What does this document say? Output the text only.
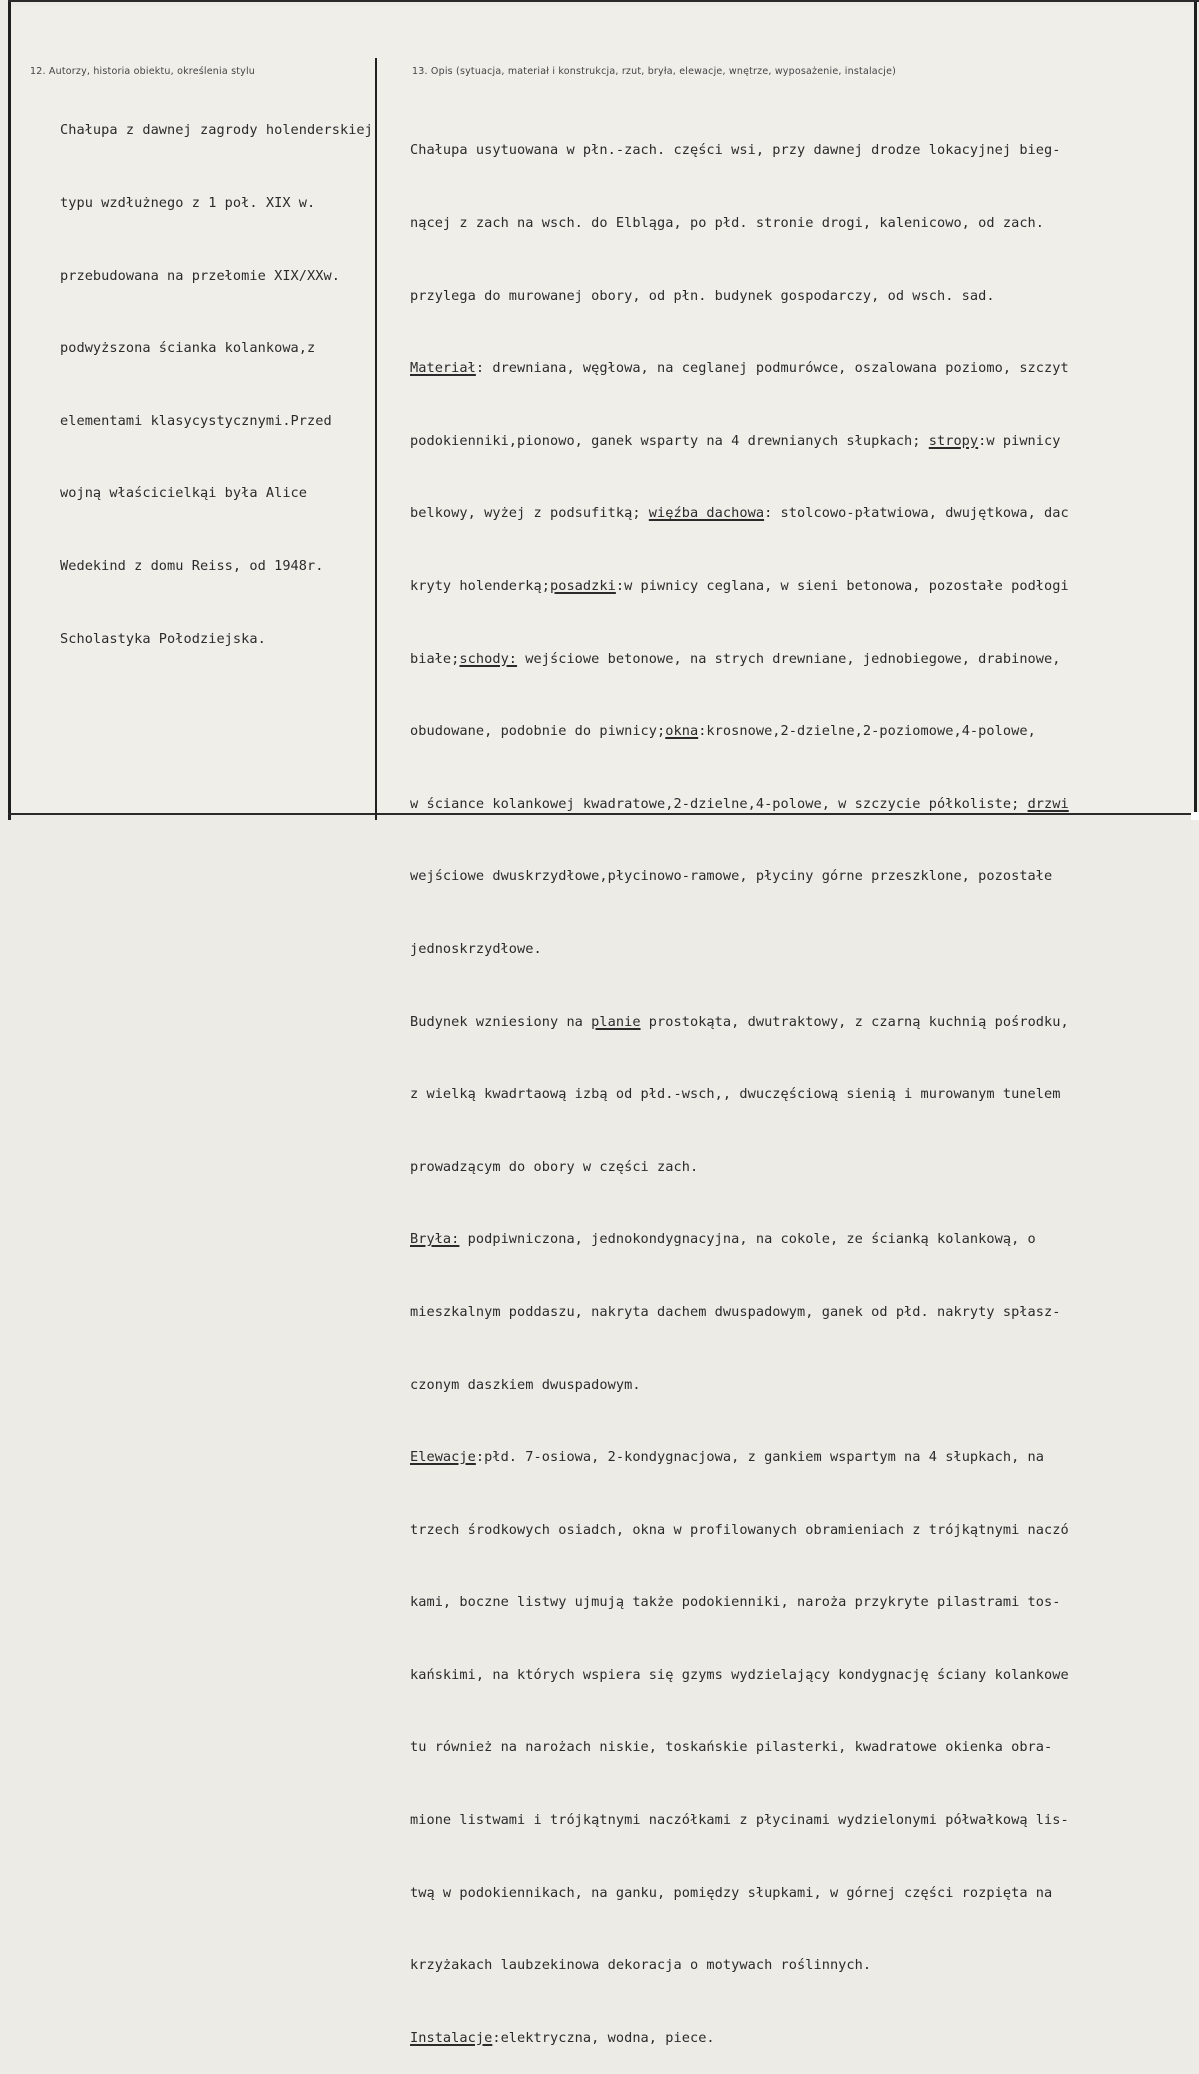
12. Autorzy, historia obiektu, określenia stylu	13. Opis (sytuacja, materiał i konstrukcja, rzut, bryła, elewacje, wnętrze, wyposażenie, instalacje)

Chałupa z dawnej zagrody holenderskiej

typu wzdłużnego z 1 poł. XIX w.

przebudowana na przełomie XIX/XXw.

podwyższona ścianka kolankowa,z

elementami klasycystycznymi.Przed

wojną właścicielkąi była Alice

Wedekind z domu Reiss, od 1948r.

Scholastyka Połodziejska.

Chałupa usytuowana w płn.-zach. części wsi, przy dawnej drodze lokacyjnej bieg-

nącej z zach na wsch. do Elbląga, po płd. stronie drogi, kalenicowo, od zach.

przylega do murowanej obory, od płn. budynek gospodarczy, od wsch. sad.

Materiał: drewniana, węgłowa, na ceglanej podmurówce, oszalowana poziomo, szczyt

podokienniki,pionowo, ganek wsparty na 4 drewnianych słupkach; stropy:w piwnicy

belkowy, wyżej z podsufitką; więźba dachowa: stolcowo-płatwiowa, dwujętkowa, dac

kryty holenderką;posadzki:w piwnicy ceglana, w sieni betonowa, pozostałe podłogi

białe;schody: wejściowe betonowe, na strych drewniane, jednobiegowe, drabinowe,

obudowane, podobnie do piwnicy;okna:krosnowe,2-dzielne,2-poziomowe,4-polowe,

w ściance kolankowej kwadratowe,2-dzielne,4-polowe, w szczycie półkoliste; drzwi

wejściowe dwuskrzydłowe,płycinowo-ramowe, płyciny górne przeszklone, pozostałe

jednoskrzydłowe.

Budynek wzniesiony na planie prostokąta, dwutraktowy, z czarną kuchnią pośrodku,

z wielką kwadrtaową izbą od płd.-wsch,, dwuczęściową sienią i murowanym tunelem

prowadzącym do obory w części zach.

Bryła: podpiwniczona, jednokondygnacyjna, na cokole, ze ścianką kolankową, o

mieszkalnym poddaszu, nakryta dachem dwuspadowym, ganek od płd. nakryty spłasz-

czonym daszkiem dwuspadowym.

Elewacje:płd. 7-osiowa, 2-kondygnacjowa, z gankiem wspartym na 4 słupkach, na

trzech środkowych osiadch, okna w profilowanych obramieniach z trójkątnymi naczó

kami, boczne listwy ujmują także podokienniki, naroża przykryte pilastrami tos-

kańskimi, na których wspiera się gzyms wydzielający kondygnację ściany kolankowe

tu również na narożach niskie, toskańskie pilasterki, kwadratowe okienka obra-

mione listwami i trójkątnymi naczółkami z płycinami wydzielonymi półwałkową lis-

twą w podokiennikach, na ganku, pomiędzy słupkami, w górnej części rozpięta na

krzyżakach laubzekinowa dekoracja o motywach roślinnych.

Instalacje:elektryczna, wodna, piece.
